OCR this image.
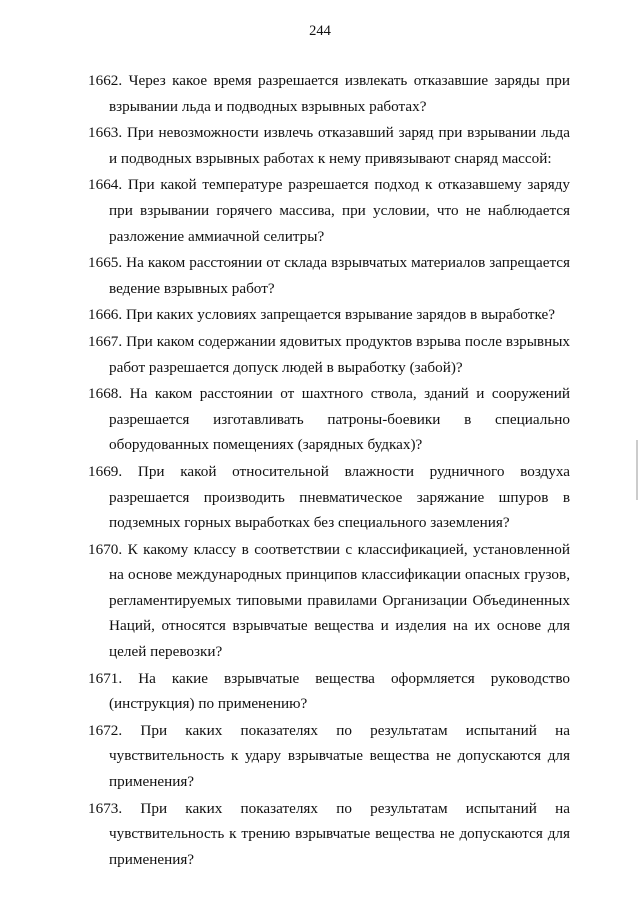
244
1662. Через какое время разрешается извлекать отказавшие заряды при взрывании льда и подводных взрывных работах?
1663. При невозможности извлечь отказавший заряд при взрывании льда и подводных взрывных работах к нему привязывают снаряд массой:
1664. При какой температуре разрешается подход к отказавшему заряду при взрывании горячего массива, при условии, что не наблюдается разложение аммиачной селитры?
1665. На каком расстоянии от склада взрывчатых материалов запрещается ведение взрывных работ?
1666. При каких условиях запрещается взрывание зарядов в выработке?
1667. При каком содержании ядовитых продуктов взрыва после взрывных работ разрешается допуск людей в выработку (забой)?
1668. На каком расстоянии от шахтного ствола, зданий и сооружений разрешается изготавливать патроны-боевики в специально оборудованных помещениях (зарядных будках)?
1669. При какой относительной влажности рудничного воздуха разрешается производить пневматическое заряжание шпуров в подземных горных выработках без специального заземления?
1670. К какому классу в соответствии с классификацией, установленной на основе международных принципов классификации опасных грузов, регламентируемых типовыми правилами Организации Объединенных Наций, относятся взрывчатые вещества и изделия на их основе для целей перевозки?
1671. На какие взрывчатые вещества оформляется руководство (инструкция) по применению?
1672. При каких показателях по результатам испытаний на чувствительность к удару взрывчатые вещества не допускаются для применения?
1673. При каких показателях по результатам испытаний на чувствительность к трению взрывчатые вещества не допускаются для применения?
